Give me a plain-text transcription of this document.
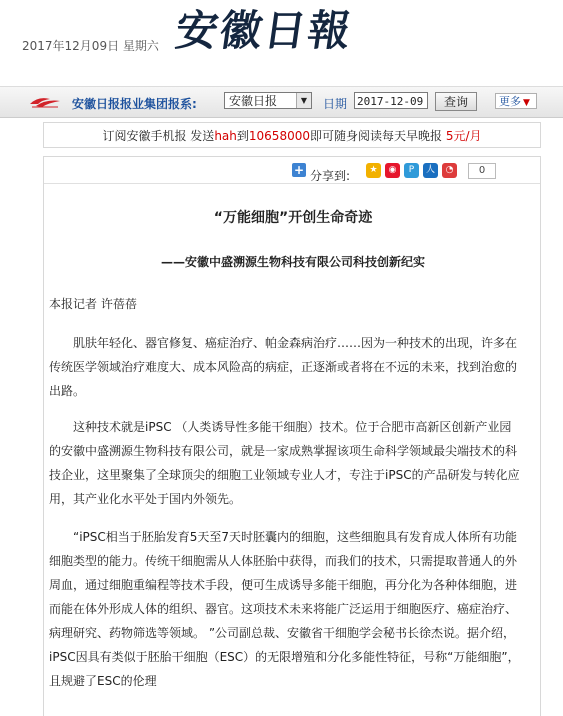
2017年12月09日 星期六 安徽日報
安徽日报报业集团报系:	安徽日报	▼	日期 2017-12-09	查询	更多 ▼
订阅安徽手机报 发送hah到10658000即可随身阅读每天早晚报 5元/月
+ 分享到:	★	◉	P	人	◔	0
“万能细胞”开创生命奇迹
——安徽中盛溯源生物科技有限公司科技创新纪实
本报记者 许蓓蓓

肌肤年轻化、器官修复、癌症治疗、帕金森病治疗……因为一种技术的出现，许多在传统医学领域治疗难度大、成本风险高的病症，正逐渐或者将在不远的未来，找到治愈的出路。

这种技术就是iPSC （人类诱导性多能干细胞）技术。位于合肥市高新区创新产业园的安徽中盛溯源生物科技有限公司，就是一家成熟掌握该项生命科学领域最尖端技术的科技企业，这里聚集了全球顶尖的细胞工业领域专业人才，专注于iPSC的产品研发与转化应用，其产业化水平处于国内外领先。

“iPSC相当于胚胎发育5天至7天时胚囊内的细胞，这些细胞具有发育成人体所有功能细胞类型的能力。传统干细胞需从人体胚胎中获得，而我们的技术，只需提取普通人的外周血，通过细胞重编程等技术手段，便可生成诱导多能干细胞，再分化为各种体细胞，进而能在体外形成人体的组织、器官。这项技术未来将能广泛运用于细胞医疗、癌症治疗、病理研究、药物筛选等领域。 ”公司副总裁、安徽省干细胞学会秘书长徐杰说。据介绍，iPSC因具有类似于胚胎干细胞（ESC）的无限增殖和分化多能性特征，号称“万能细胞”，且规避了ESC的伦理
